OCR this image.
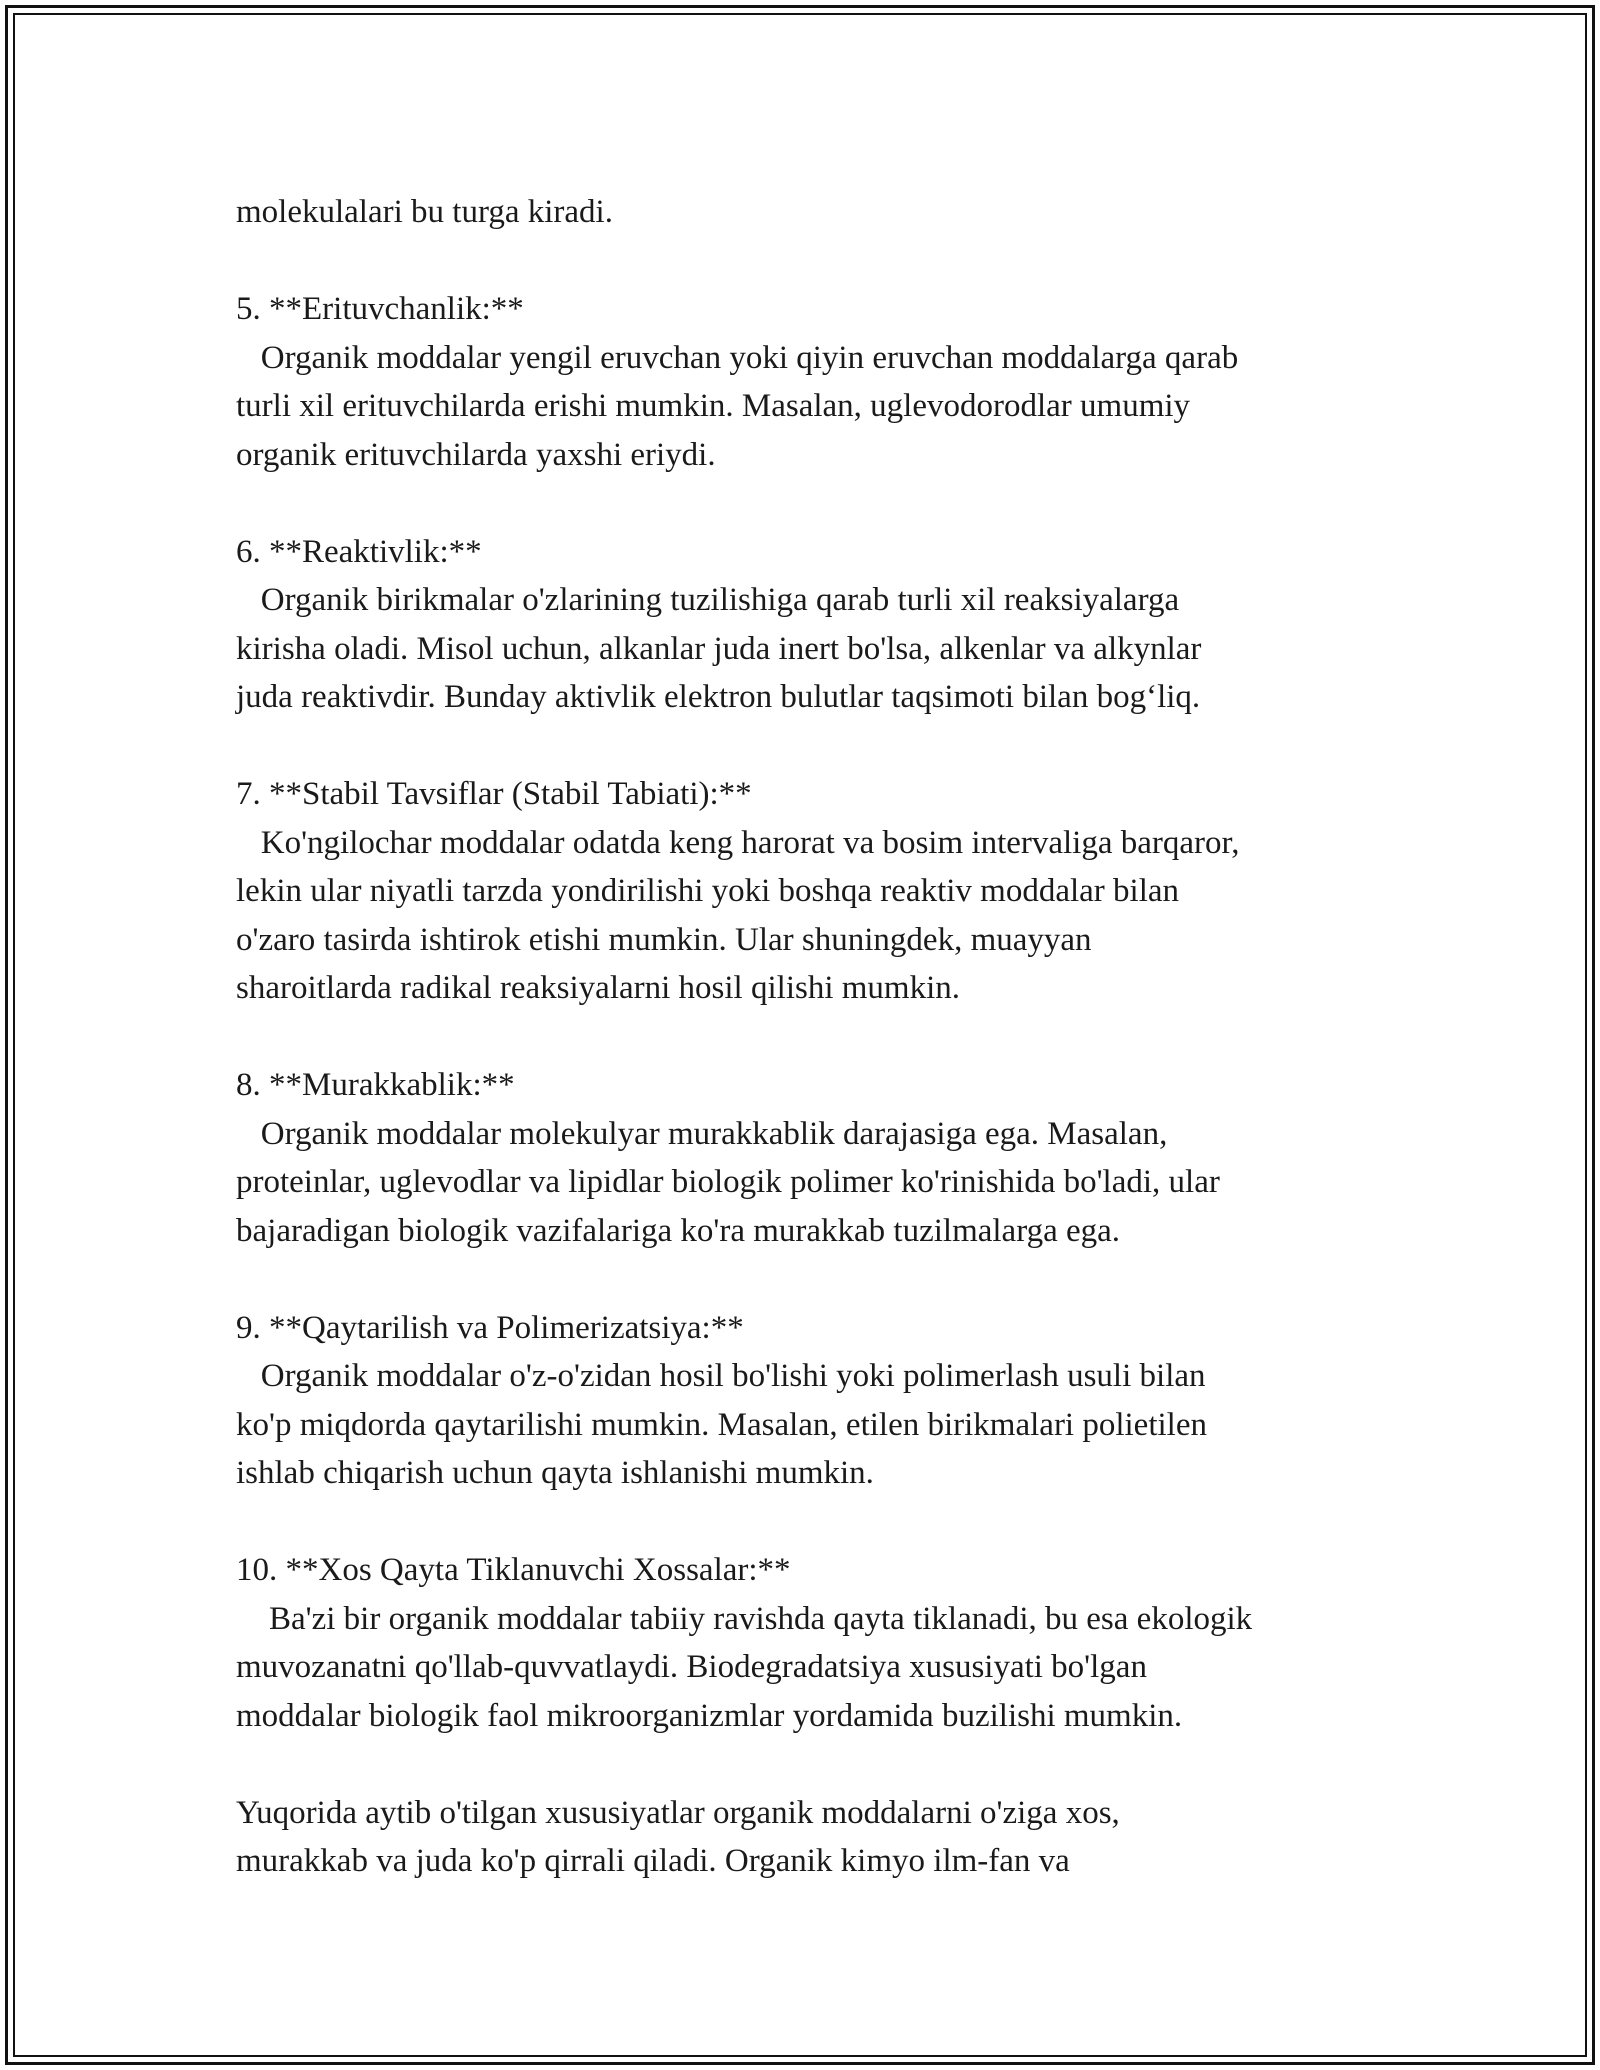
molekulalari bu turga kiradi.
5. **Erituvchanlik:**
Organik moddalar yengil eruvchan yoki qiyin eruvchan moddalarga qarab
turli xil erituvchilarda erishi mumkin. Masalan, uglevodorodlar umumiy
organik erituvchilarda yaxshi eriydi.
6. **Reaktivlik:**
Organik birikmalar o'zlarining tuzilishiga qarab turli xil reaksiyalarga
kirisha oladi. Misol uchun, alkanlar juda inert bo'lsa, alkenlar va alkynlar
juda reaktivdir. Bunday aktivlik elektron bulutlar taqsimoti bilan bog‘liq.
7. **Stabil Tavsiflar (Stabil Tabiati):**
Ko'ngilochar moddalar odatda keng harorat va bosim intervaliga barqaror,
lekin ular niyatli tarzda yondirilishi yoki boshqa reaktiv moddalar bilan
o'zaro tasirda ishtirok etishi mumkin. Ular shuningdek, muayyan
sharoitlarda radikal reaksiyalarni hosil qilishi mumkin.
8. **Murakkablik:**
Organik moddalar molekulyar murakkablik darajasiga ega. Masalan,
proteinlar, uglevodlar va lipidlar biologik polimer ko'rinishida bo'ladi, ular
bajaradigan biologik vazifalariga ko'ra murakkab tuzilmalarga ega.
9. **Qaytarilish va Polimerizatsiya:**
Organik moddalar o'z-o'zidan hosil bo'lishi yoki polimerlash usuli bilan
ko'p miqdorda qaytarilishi mumkin. Masalan, etilen birikmalari polietilen
ishlab chiqarish uchun qayta ishlanishi mumkin.
10. **Xos Qayta Tiklanuvchi Xossalar:**
Ba'zi bir organik moddalar tabiiy ravishda qayta tiklanadi, bu esa ekologik
muvozanatni qo'llab-quvvatlaydi. Biodegradatsiya xususiyati bo'lgan
moddalar biologik faol mikroorganizmlar yordamida buzilishi mumkin.
Yuqorida aytib o'tilgan xususiyatlar organik moddalarni o'ziga xos,
murakkab va juda ko'p qirrali qiladi. Organik kimyo ilm-fan va
